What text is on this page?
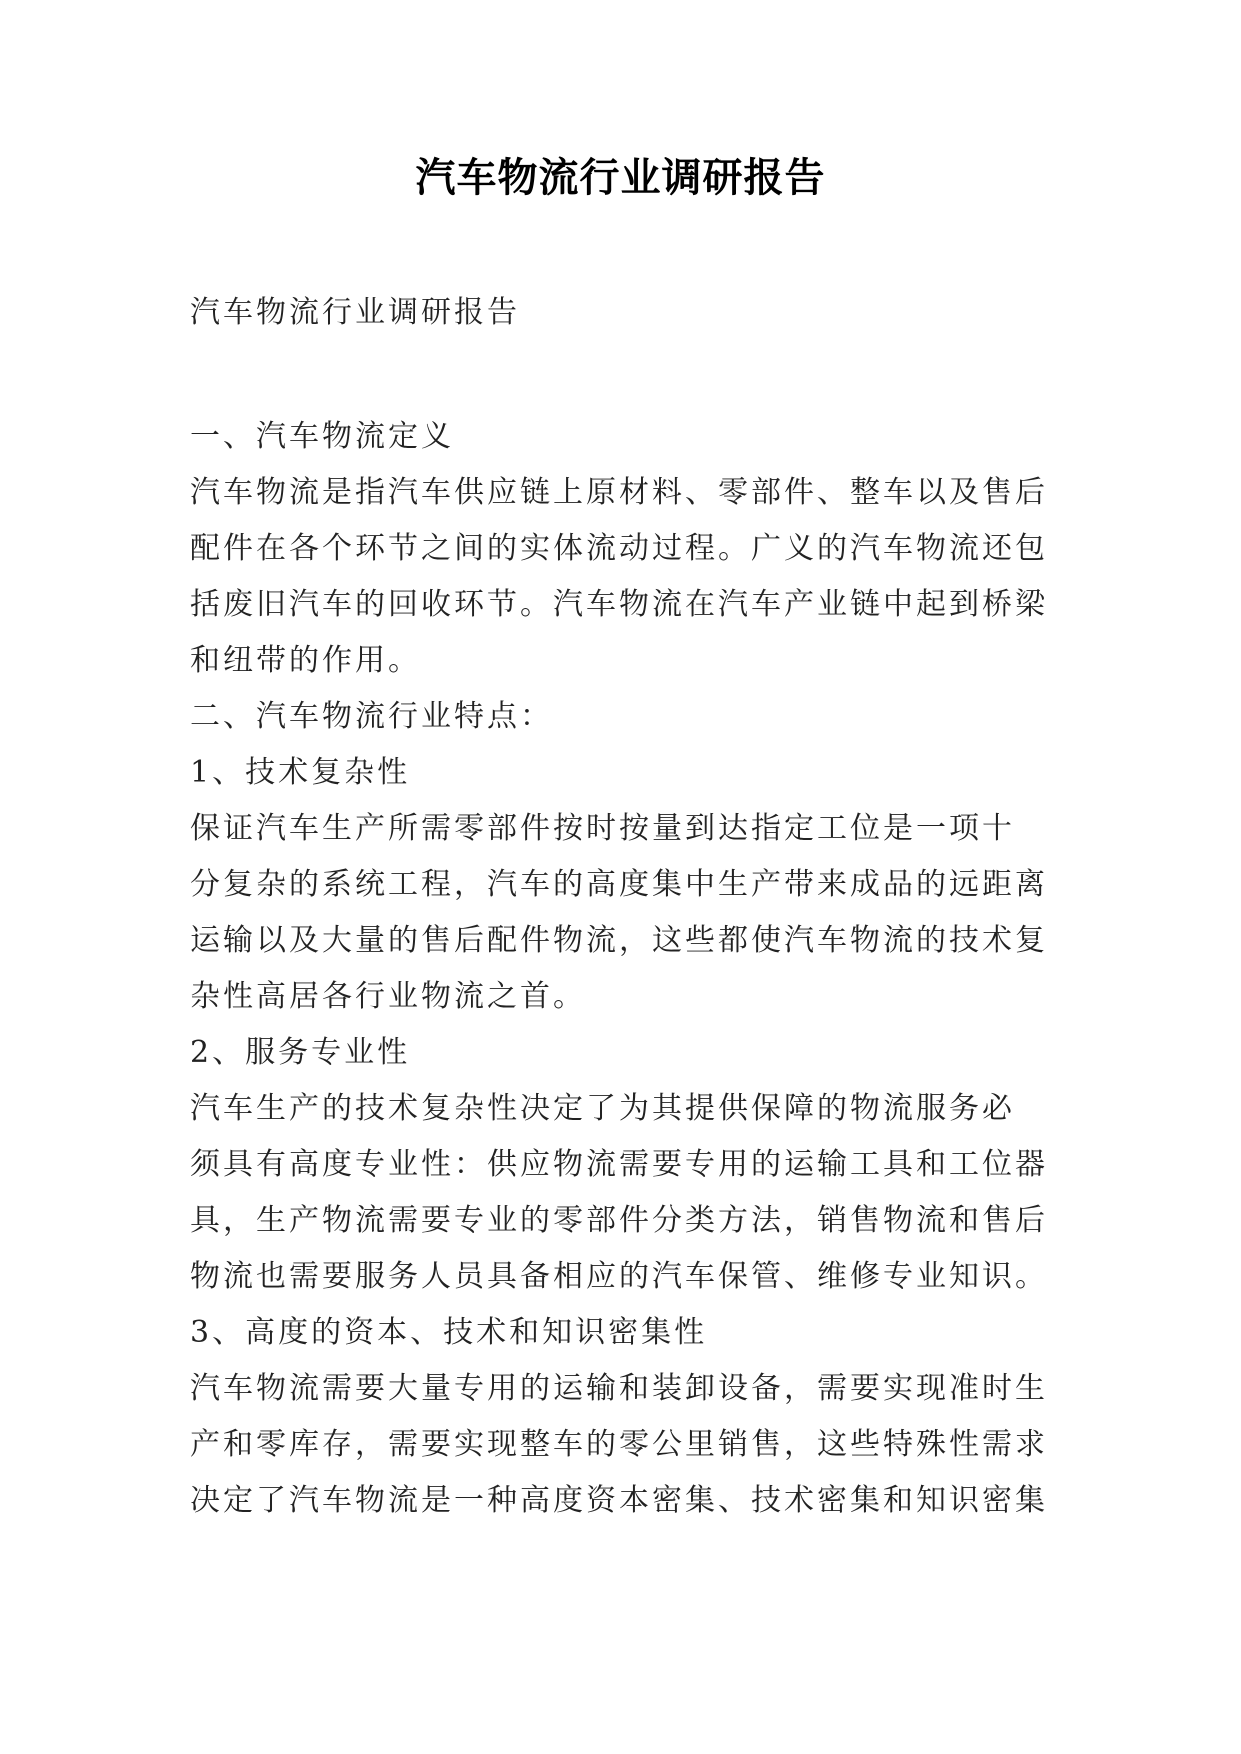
汽车物流行业调研报告
汽车物流行业调研报告
一、汽车物流定义
汽车物流是指汽车供应链上原材料、零部件、整车以及售后
配件在各个环节之间的实体流动过程。广义的汽车物流还包
括废旧汽车的回收环节。汽车物流在汽车产业链中起到桥梁
和纽带的作用。
二、汽车物流行业特点：
1、技术复杂性
保证汽车生产所需零部件按时按量到达指定工位是一项十
分复杂的系统工程，汽车的高度集中生产带来成品的远距离
运输以及大量的售后配件物流，这些都使汽车物流的技术复
杂性高居各行业物流之首。
2、服务专业性
汽车生产的技术复杂性决定了为其提供保障的物流服务必
须具有高度专业性：供应物流需要专用的运输工具和工位器
具，生产物流需要专业的零部件分类方法，销售物流和售后
物流也需要服务人员具备相应的汽车保管、维修专业知识。
3、高度的资本、技术和知识密集性
汽车物流需要大量专用的运输和装卸设备，需要实现准时生
产和零库存，需要实现整车的零公里销售，这些特殊性需求
决定了汽车物流是一种高度资本密集、技术密集和知识密集
